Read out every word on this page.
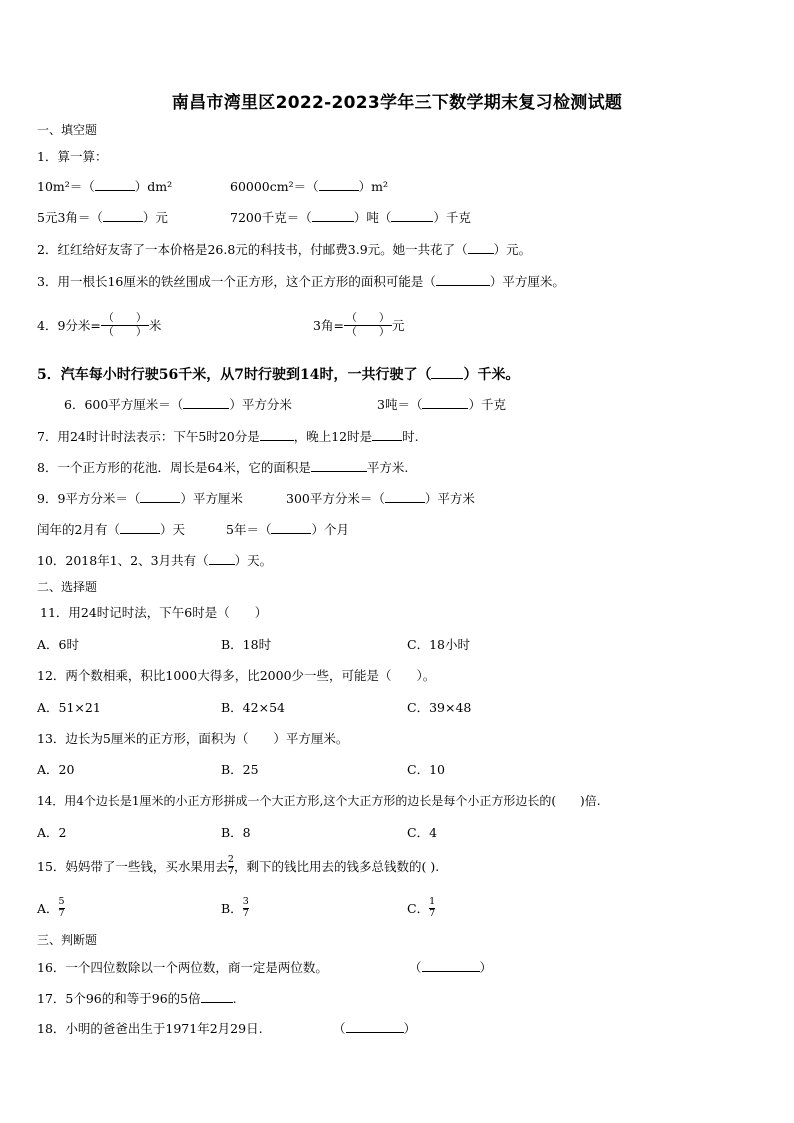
南昌市湾里区2022-2023学年三下数学期末复习检测试题
一、填空题
1．算一算：
10m²＝（	）dm²	60000cm²＝（	）m²
5元3角＝（	）元	7200千克＝（	）吨（	）千克
2．红红给好友寄了一本价格是26.8元的科技书，付邮费3.9元。她一共花了（ ）元。
3．用一根长16厘米的铁丝围成一个正方形，这个正方形的面积可能是（	）平方厘米。
4．9分米= $\frac{( )}{( )}$ 米	3角= $\frac{( )}{( )}$ 元
5．汽车每小时行驶56千米，从7时行驶到14时，一共行驶了（ ）千米。
6．600平方厘米＝（	）平方分米	3吨＝（	）千克
7．用24时计时法表示：下午5时20分是	，晚上12时是 时.
8．一个正方形的花池．周长是64米，它的面积是	平方米.
9．9平方分米＝（	）平方厘米	300平方分米＝（	）平方米
闰年的2月有（	）天	5年＝（	）个月
10．2018年1、2、3月共有（ ）天。
二、选择题
11．用24时记时法，下午6时是（　　）
A．6时	B．18时	C．18小时
12．两个数相乘，积比1000大得多，比2000少一些，可能是（　　）。
A．51×21	B．42×54	C．39×48
13．边长为5厘米的正方形，面积为（　　）平方厘米。
A．20	B．25	C．10
14．用4个边长是1厘米的小正方形拼成一个大正方形,这个大正方形的边长是每个小正方形边长的(　　)倍.
A．2	B．8	C．4
15．妈妈带了一些钱，买水果用去 $\frac{2}{7}$ ，剩下的钱比用去的钱多总钱数的( ).
A． $\frac{5}{7}$	B． $\frac{3}{7}$	C． $\frac{1}{7}$
三、判断题
16．一个四位数除以一个两位数，商一定是两位数。	（	）
17．5个96的和等于96的5倍	.
18．小明的爸爸出生于1971年2月29日.	（	）
